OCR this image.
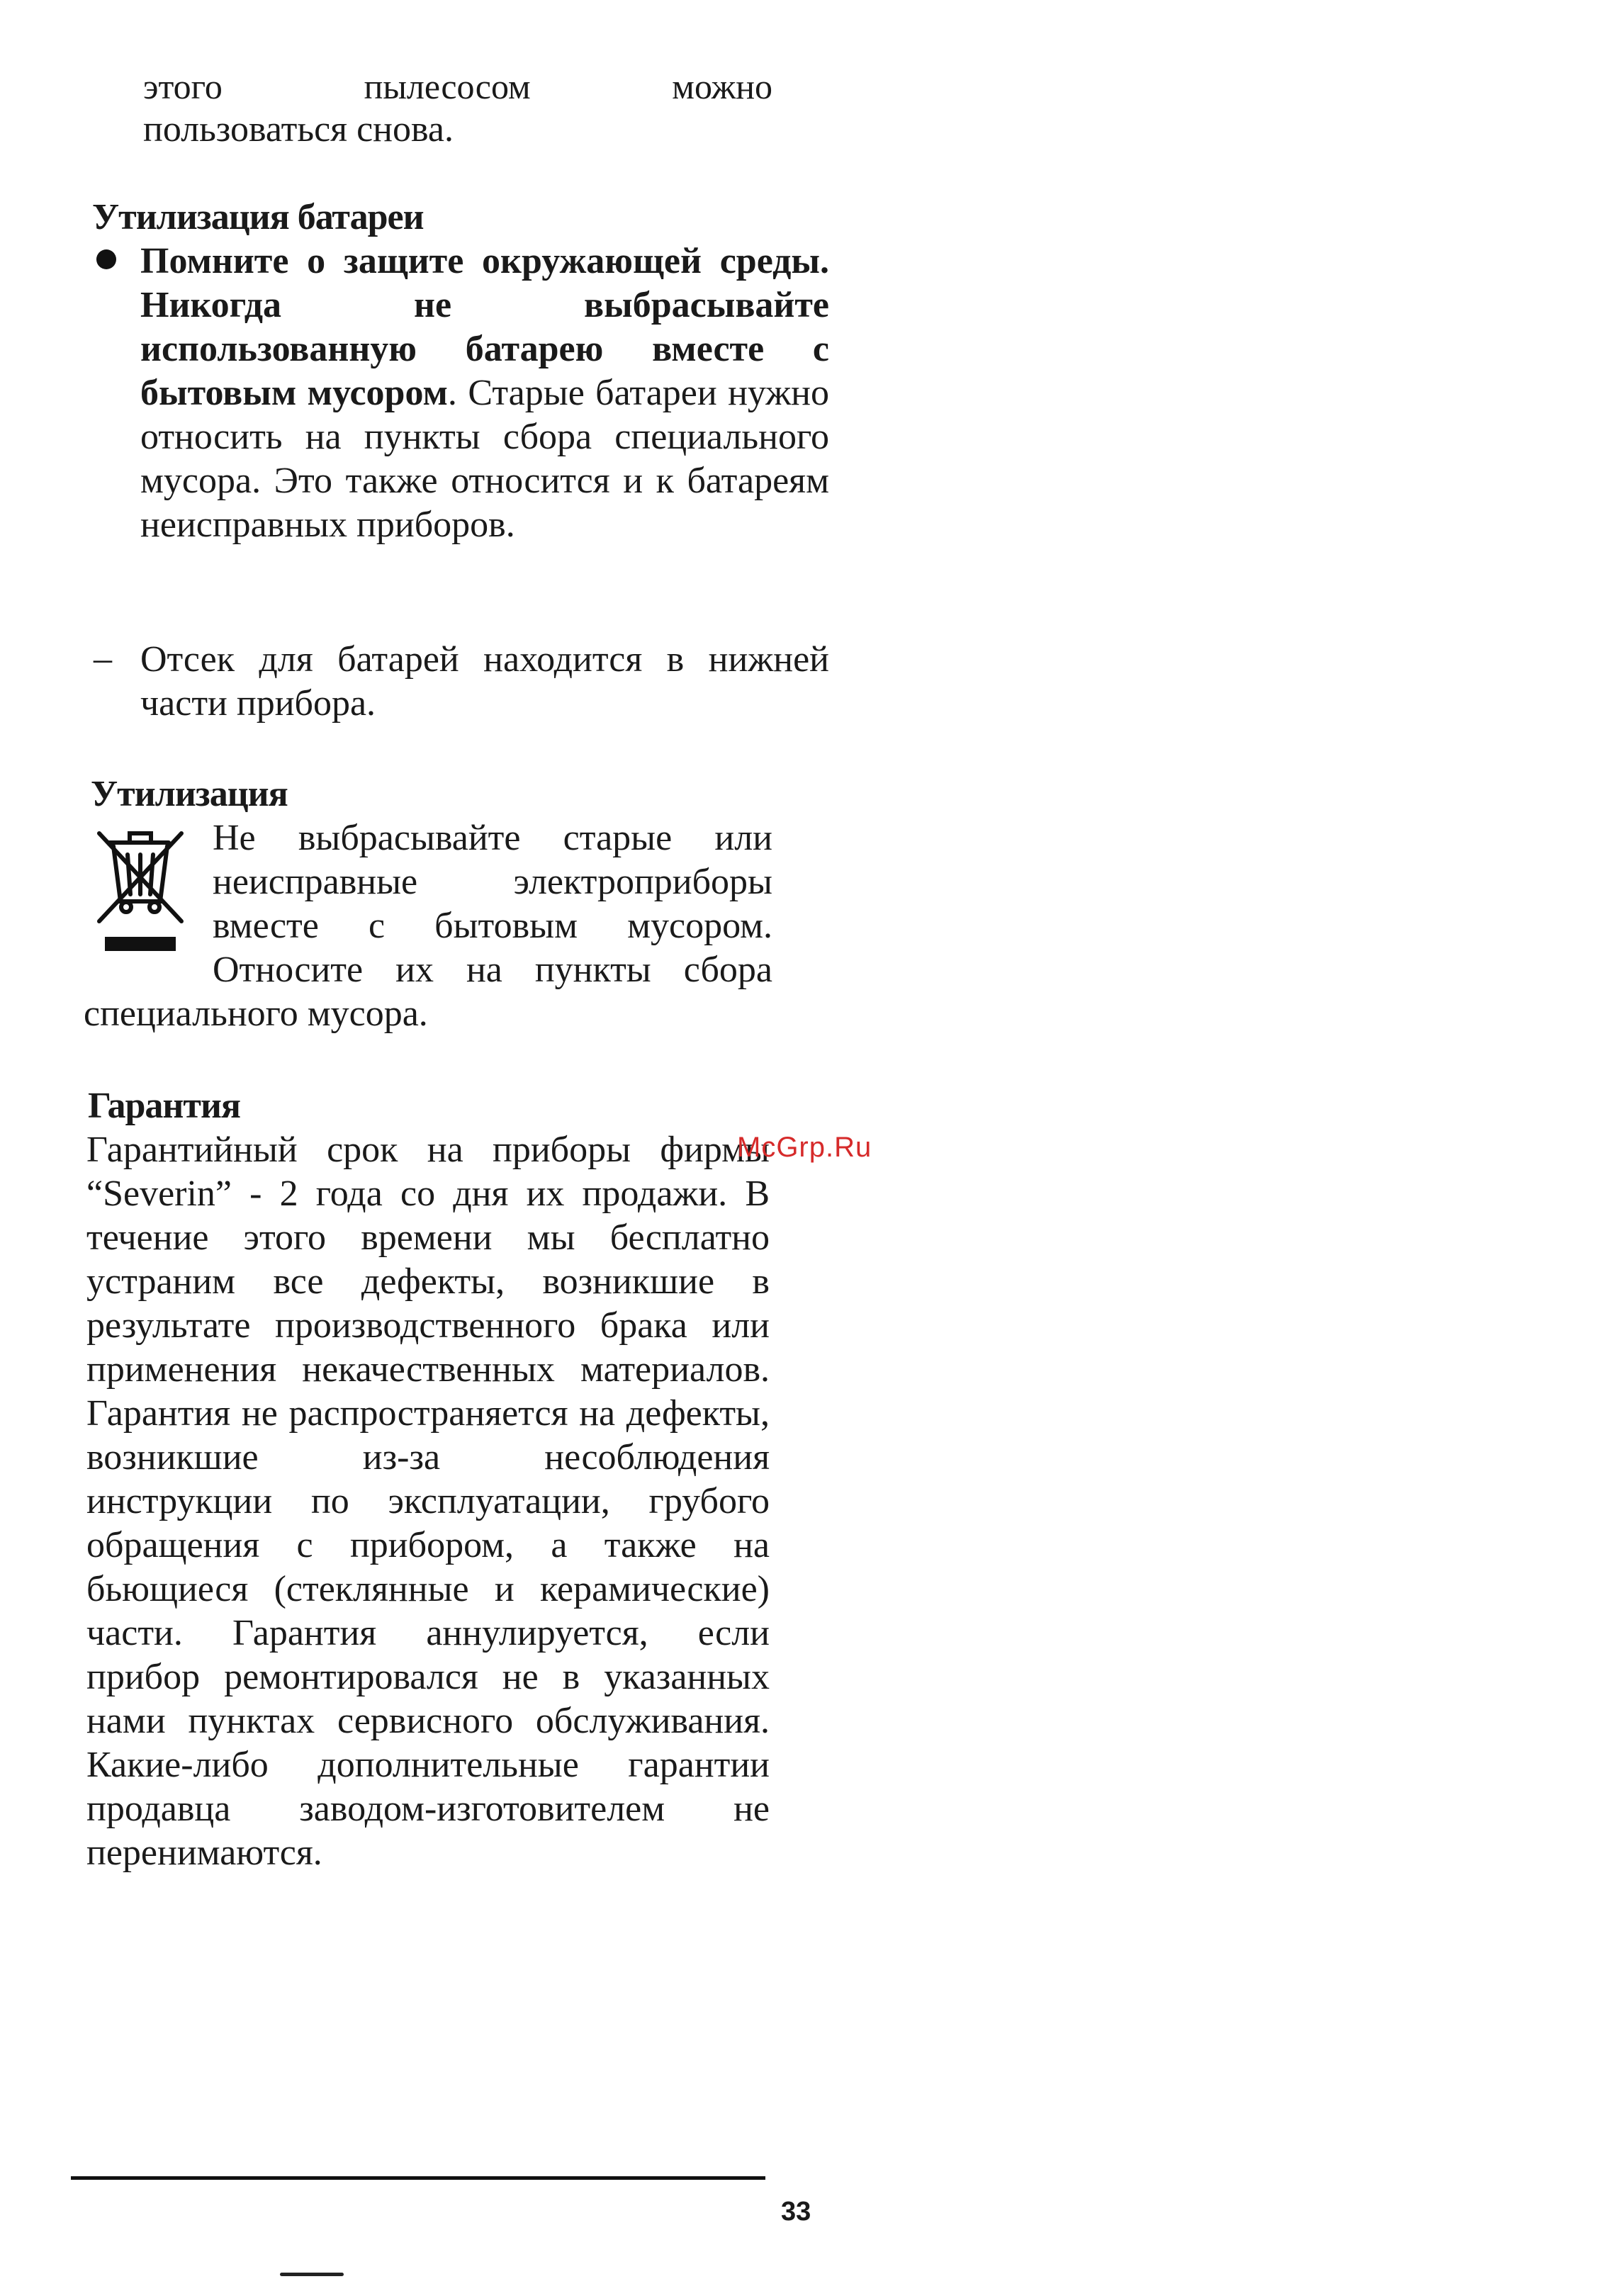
этого	пылесосом	можно
пользоваться снова.
Утилизация батареи

Помните о защите окружающей среды. Никогда не выбрасывайте использованную батарею вместе с бытовым мусором. Старые батареи нужно относить на пункты сбора специального мусора. Это также относится и к батареям неисправных приборов.

– Отсек для батарей находится в нижней части прибора.

Утилизация

Не выбрасывайте старые или неисправные электроприборы вместе с бытовым мусором. Относите их на пункты сбора специального мусора.

Гарантия

Гарантийный срок на приборы фирмы “Severin” - 2 года со дня их продажи. В течение этого времени мы бесплатно устраним все дефекты, возникшие в результате производственного брака или применения некачественных материалов. Гарантия не распространяется на дефекты, возникшие из-за несоблюдения инструкции по эксплуатации, грубого обращения с прибором, а также на бьющиеся (стеклянные и керамические) части. Гарантия аннулируется, если прибор ремонтировался не в указанных нами пунктах сервисного обслуживания. Какие-либо дополнительные гарантии продавца заводом-изготовителем не перенимаются.

McGrp.Ru
33
